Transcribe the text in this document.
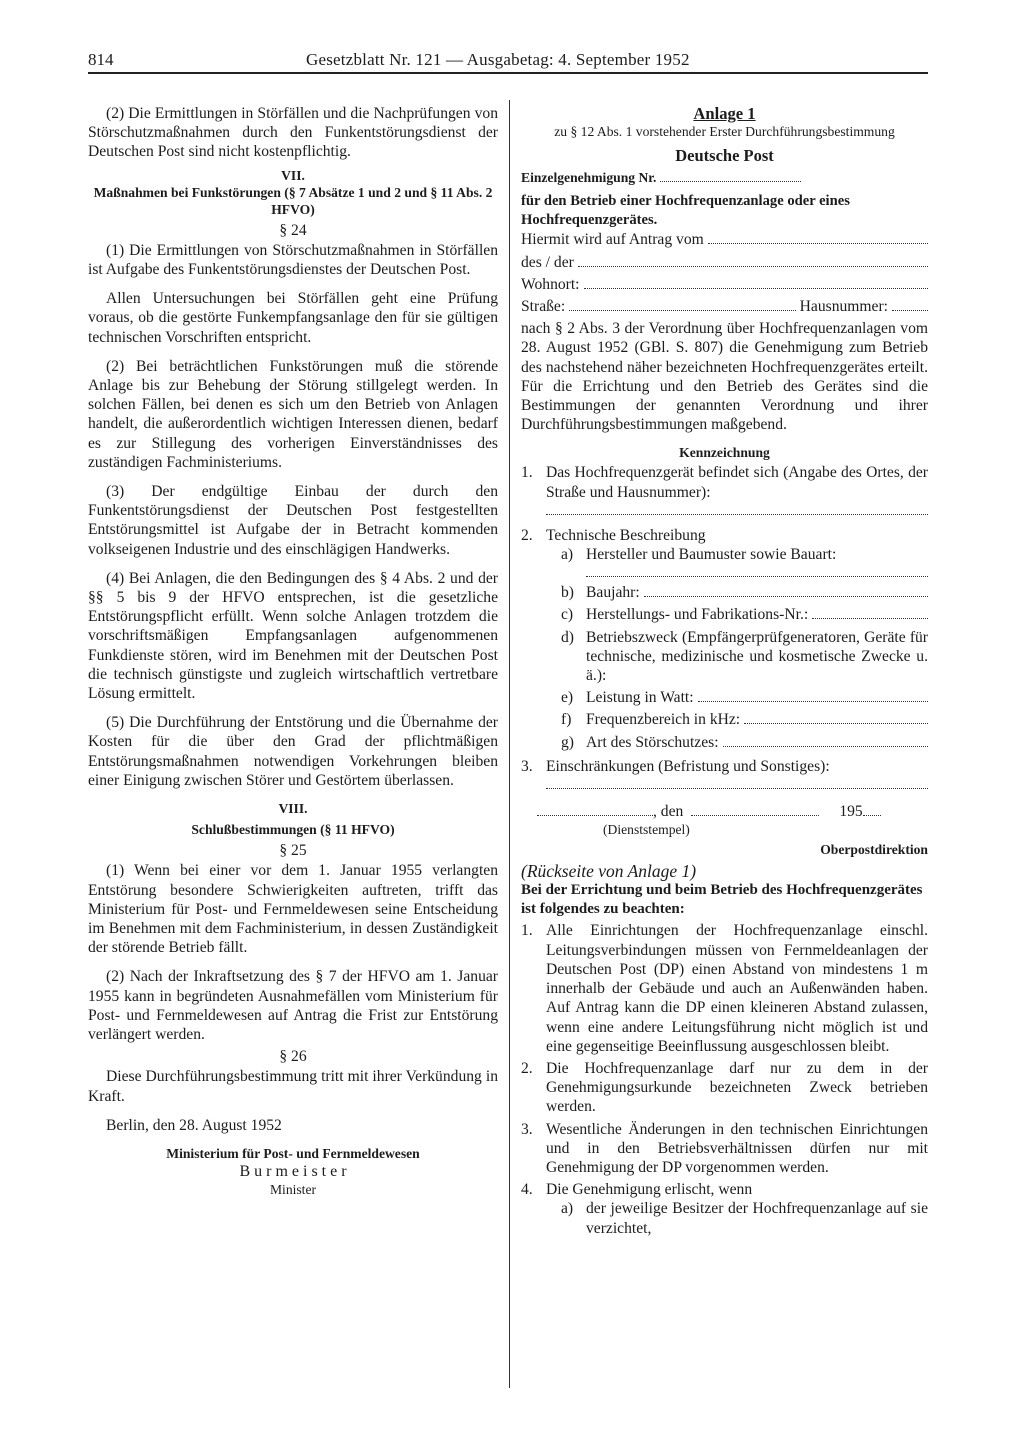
814	Gesetzblatt Nr. 121 — Ausgabetag: 4. September 1952

(2) Die Ermittlungen in Störfällen und die Nachprüfungen von Störschutzmaßnahmen durch den Funkentstörungsdienst der Deutschen Post sind nicht kostenpflichtig.

VII.

Maßnahmen bei Funkstörungen (§ 7 Absätze 1 und 2 und § 11 Abs. 2 HFVO)

§ 24

(1) Die Ermittlungen von Störschutzmaßnahmen in Störfällen ist Aufgabe des Funkentstörungsdienstes der Deutschen Post.

Allen Untersuchungen bei Störfällen geht eine Prüfung voraus, ob die gestörte Funkempfangsanlage den für sie gültigen technischen Vorschriften entspricht.

(2) Bei beträchtlichen Funkstörungen muß die störende Anlage bis zur Behebung der Störung stillgelegt werden. In solchen Fällen, bei denen es sich um den Betrieb von Anlagen handelt, die außerordentlich wichtigen Interessen dienen, bedarf es zur Stillegung des vorherigen Einverständnisses des zuständigen Fachministeriums.

(3) Der endgültige Einbau der durch den Funkentstörungsdienst der Deutschen Post festgestellten Entstörungsmittel ist Aufgabe der in Betracht kommenden volkseigenen Industrie und des einschlägigen Handwerks.

(4) Bei Anlagen, die den Bedingungen des § 4 Abs. 2 und der §§ 5 bis 9 der HFVO entsprechen, ist die gesetzliche Entstörungspflicht erfüllt. Wenn solche Anlagen trotzdem die vorschriftsmäßigen Empfangsanlagen aufgenommenen Funkdienste stören, wird im Benehmen mit der Deutschen Post die technisch günstigste und zugleich wirtschaftlich vertretbare Lösung ermittelt.

(5) Die Durchführung der Entstörung und die Übernahme der Kosten für die über den Grad der pflichtmäßigen Entstörungsmaßnahmen notwendigen Vorkehrungen bleiben einer Einigung zwischen Störer und Gestörtem überlassen.

VIII.

Schlußbestimmungen (§ 11 HFVO)

§ 25

(1) Wenn bei einer vor dem 1. Januar 1955 verlangten Entstörung besondere Schwierigkeiten auftreten, trifft das Ministerium für Post- und Fernmeldewesen seine Entscheidung im Benehmen mit dem Fachministerium, in dessen Zuständigkeit der störende Betrieb fällt.

(2) Nach der Inkraftsetzung des § 7 der HFVO am 1. Januar 1955 kann in begründeten Ausnahmefällen vom Ministerium für Post- und Fernmeldewesen auf Antrag die Frist zur Entstörung verlängert werden.

§ 26

Diese Durchführungsbestimmung tritt mit ihrer Verkündung in Kraft.

Berlin, den 28. August 1952

Ministerium für Post- und Fernmeldewesen

B u r m e i s t e r

Minister

Anlage 1

zu § 12 Abs. 1 vorstehender Erster Durchführungsbestimmung

Deutsche Post

Einzelgenehmigung Nr.

für den Betrieb einer Hochfrequenzanlage oder eines Hochfrequenzgerätes.

Hiermit wird auf Antrag vom
des / der
Wohnort:
Straße:	Hausnummer:

nach § 2 Abs. 3 der Verordnung über Hochfrequenzanlagen vom 28. August 1952 (GBl. S. 807) die Genehmigung zum Betrieb des nachstehend näher bezeichneten Hochfrequenzgerätes erteilt. Für die Errichtung und den Betrieb des Gerätes sind die Bestimmungen der genannten Verordnung und ihrer Durchführungsbestimmungen maßgebend.

Kennzeichnung

1. Das Hochfrequenzgerät befindet sich (Angabe des Ortes, der Straße und Hausnummer):
2. Technische Beschreibung
a) Hersteller und Baumuster sowie Bauart:
b) Baujahr:
c) Herstellungs- und Fabrikations-Nr.:
d) Betriebszweck (Empfängerprüfgeneratoren, Geräte für technische, medizinische und kosmetische Zwecke u. ä.):
e) Leistung in Watt:
f) Frequenzbereich in kHz:
g) Art des Störschutzes:
3. Einschränkungen (Befristung und Sonstiges):
, den	195

(Dienststempel)

Oberpostdirektion

(Rückseite von Anlage 1)

Bei der Errichtung und beim Betrieb des Hochfrequenzgerätes ist folgendes zu beachten:

1. Alle Einrichtungen der Hochfrequenzanlage einschl. Leitungsverbindungen müssen von Fernmeldeanlagen der Deutschen Post (DP) einen Abstand von mindestens 1 m innerhalb der Gebäude und auch an Außenwänden haben. Auf Antrag kann die DP einen kleineren Abstand zulassen, wenn eine andere Leitungsführung nicht möglich ist und eine gegenseitige Beeinflussung ausgeschlossen bleibt.
2. Die Hochfrequenzanlage darf nur zu dem in der Genehmigungsurkunde bezeichneten Zweck betrieben werden.
3. Wesentliche Änderungen in den technischen Einrichtungen und in den Betriebsverhältnissen dürfen nur mit Genehmigung der DP vorgenommen werden.
4. Die Genehmigung erlischt, wenn
a) der jeweilige Besitzer der Hochfrequenzanlage auf sie verzichtet,
